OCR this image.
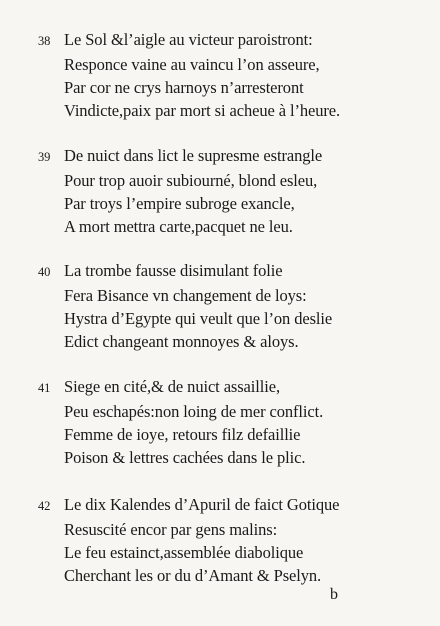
38 Le Sol &l’aigle au victeur paroistront:
Responce vaine au vaincu l’on asseure,
Par cor ne crys harnoys n’arresteront
Vindicte,paix par mort si acheue à l’heure.
39 De nuict dans lict le supresme estrangle
Pour trop auoir subiourné, blond esleu,
Par troys l’empire subroge exancle,
A mort mettra carte,pacquet ne leu.
40 La trombe fausse disimulant folie
Fera Bisance vn changement de loys:
Hystra d’Egypte qui veult que l’on deslie
Edict changeant monnoyes & aloys.
41 Siege en cité,& de nuict assaillie,
Peu eschapés:non loing de mer conflict.
Femme de ioye, retours filz defaillie
Poison & lettres cachées dans le plic.
42 Le dix Kalendes d’Apuril de faict Gotique
Resuscité encor par gens malins:
Le feu estainct,assemblée diabolique
Cherchant les or du d’Amant & Pselyn.
b
